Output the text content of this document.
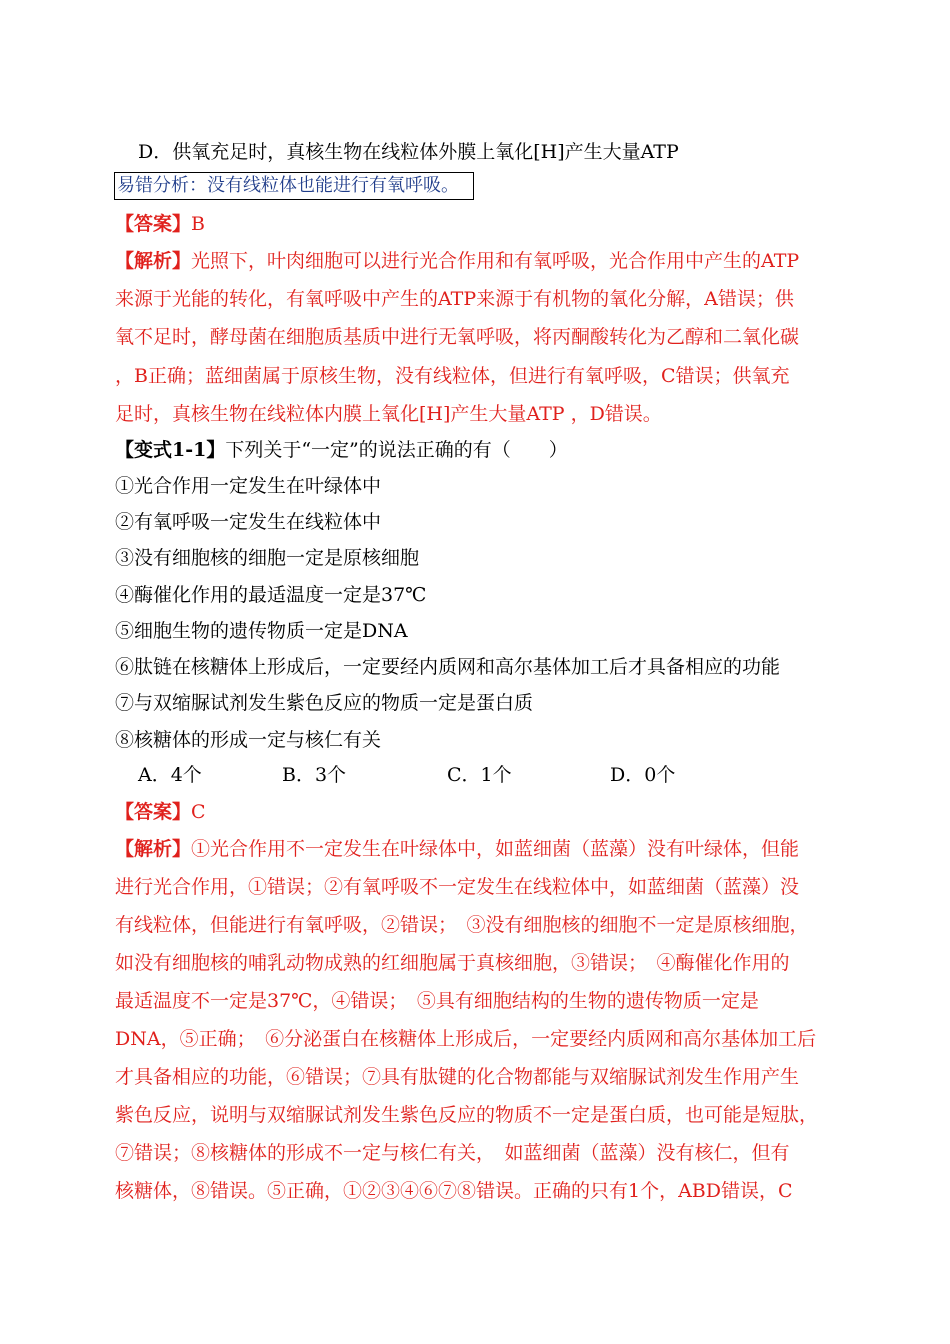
D．供氧充足时，真核生物在线粒体外膜上氧化[H]产生大量ATP
易错分析：没有线粒体也能进行有氧呼吸。
【答案】B
【解析】光照下，叶肉细胞可以进行光合作用和有氧呼吸，光合作用中产生的ATP
来源于光能的转化，有氧呼吸中产生的ATP来源于有机物的氧化分解，A错误；供
氧不足时，酵母菌在细胞质基质中进行无氧呼吸，将丙酮酸转化为乙醇和二氧化碳
，B正确；蓝细菌属于原核生物，没有线粒体，但进行有氧呼吸，C错误；供氧充
足时，真核生物在线粒体内膜上氧化[H]产生大量ATP ，D错误。
【变式1-1】下列关于“一定”的说法正确的有（　　）
①光合作用一定发生在叶绿体中
②有氧呼吸一定发生在线粒体中
③没有细胞核的细胞一定是原核细胞
④酶催化作用的最适温度一定是37℃
⑤细胞生物的遗传物质一定是DNA
⑥肽链在核糖体上形成后，一定要经内质网和高尔基体加工后才具备相应的功能
⑦与双缩脲试剂发生紫色反应的物质一定是蛋白质
⑧核糖体的形成一定与核仁有关
A．4个	B．3个	C．1个	D．0个
【答案】C
【解析】①光合作用不一定发生在叶绿体中，如蓝细菌（蓝藻）没有叶绿体，但能
进行光合作用，①错误；②有氧呼吸不一定发生在线粒体中，如蓝细菌（蓝藻）没
有线粒体，但能进行有氧呼吸，②错误；　③没有细胞核的细胞不一定是原核细胞，
如没有细胞核的哺乳动物成熟的红细胞属于真核细胞，③错误；　④酶催化作用的
最适温度不一定是37℃，④错误；　⑤具有细胞结构的生物的遗传物质一定是
DNA，⑤正确；　⑥分泌蛋白在核糖体上形成后，一定要经内质网和高尔基体加工后
才具备相应的功能，⑥错误；⑦具有肽键的化合物都能与双缩脲试剂发生作用产生
紫色反应，说明与双缩脲试剂发生紫色反应的物质不一定是蛋白质，也可能是短肽，
⑦错误；⑧核糖体的形成不一定与核仁有关，　如蓝细菌（蓝藻）没有核仁，但有
核糖体，⑧错误。⑤正确，①②③④⑥⑦⑧错误。正确的只有1个，ABD错误，C
